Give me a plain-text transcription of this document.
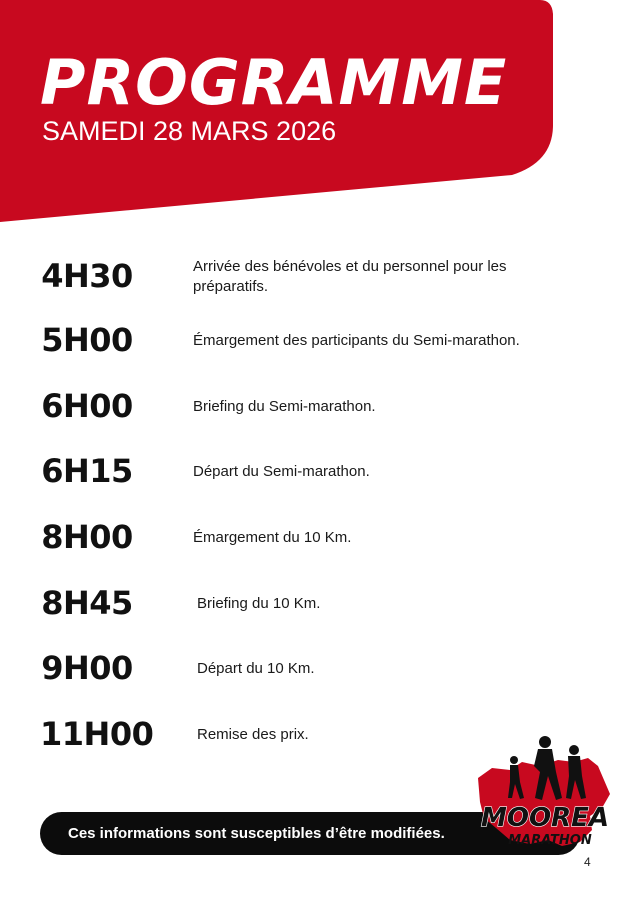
PROGRAMME
SAMEDI 28 MARS 2026
4H30	Arrivée des bénévoles et du personnel pour les préparatifs.
5H00	Émargement des participants du Semi-marathon.
6H00	Briefing du Semi-marathon.
6H15	Départ du Semi-marathon.
8H00	Émargement du 10 Km.
8H45	Briefing du 10 Km.
9H00	Départ du 10 Km.
11H00	Remise des prix.
Ces informations sont susceptibles d’être modifiées.
MOOREA
MARATHON
4
